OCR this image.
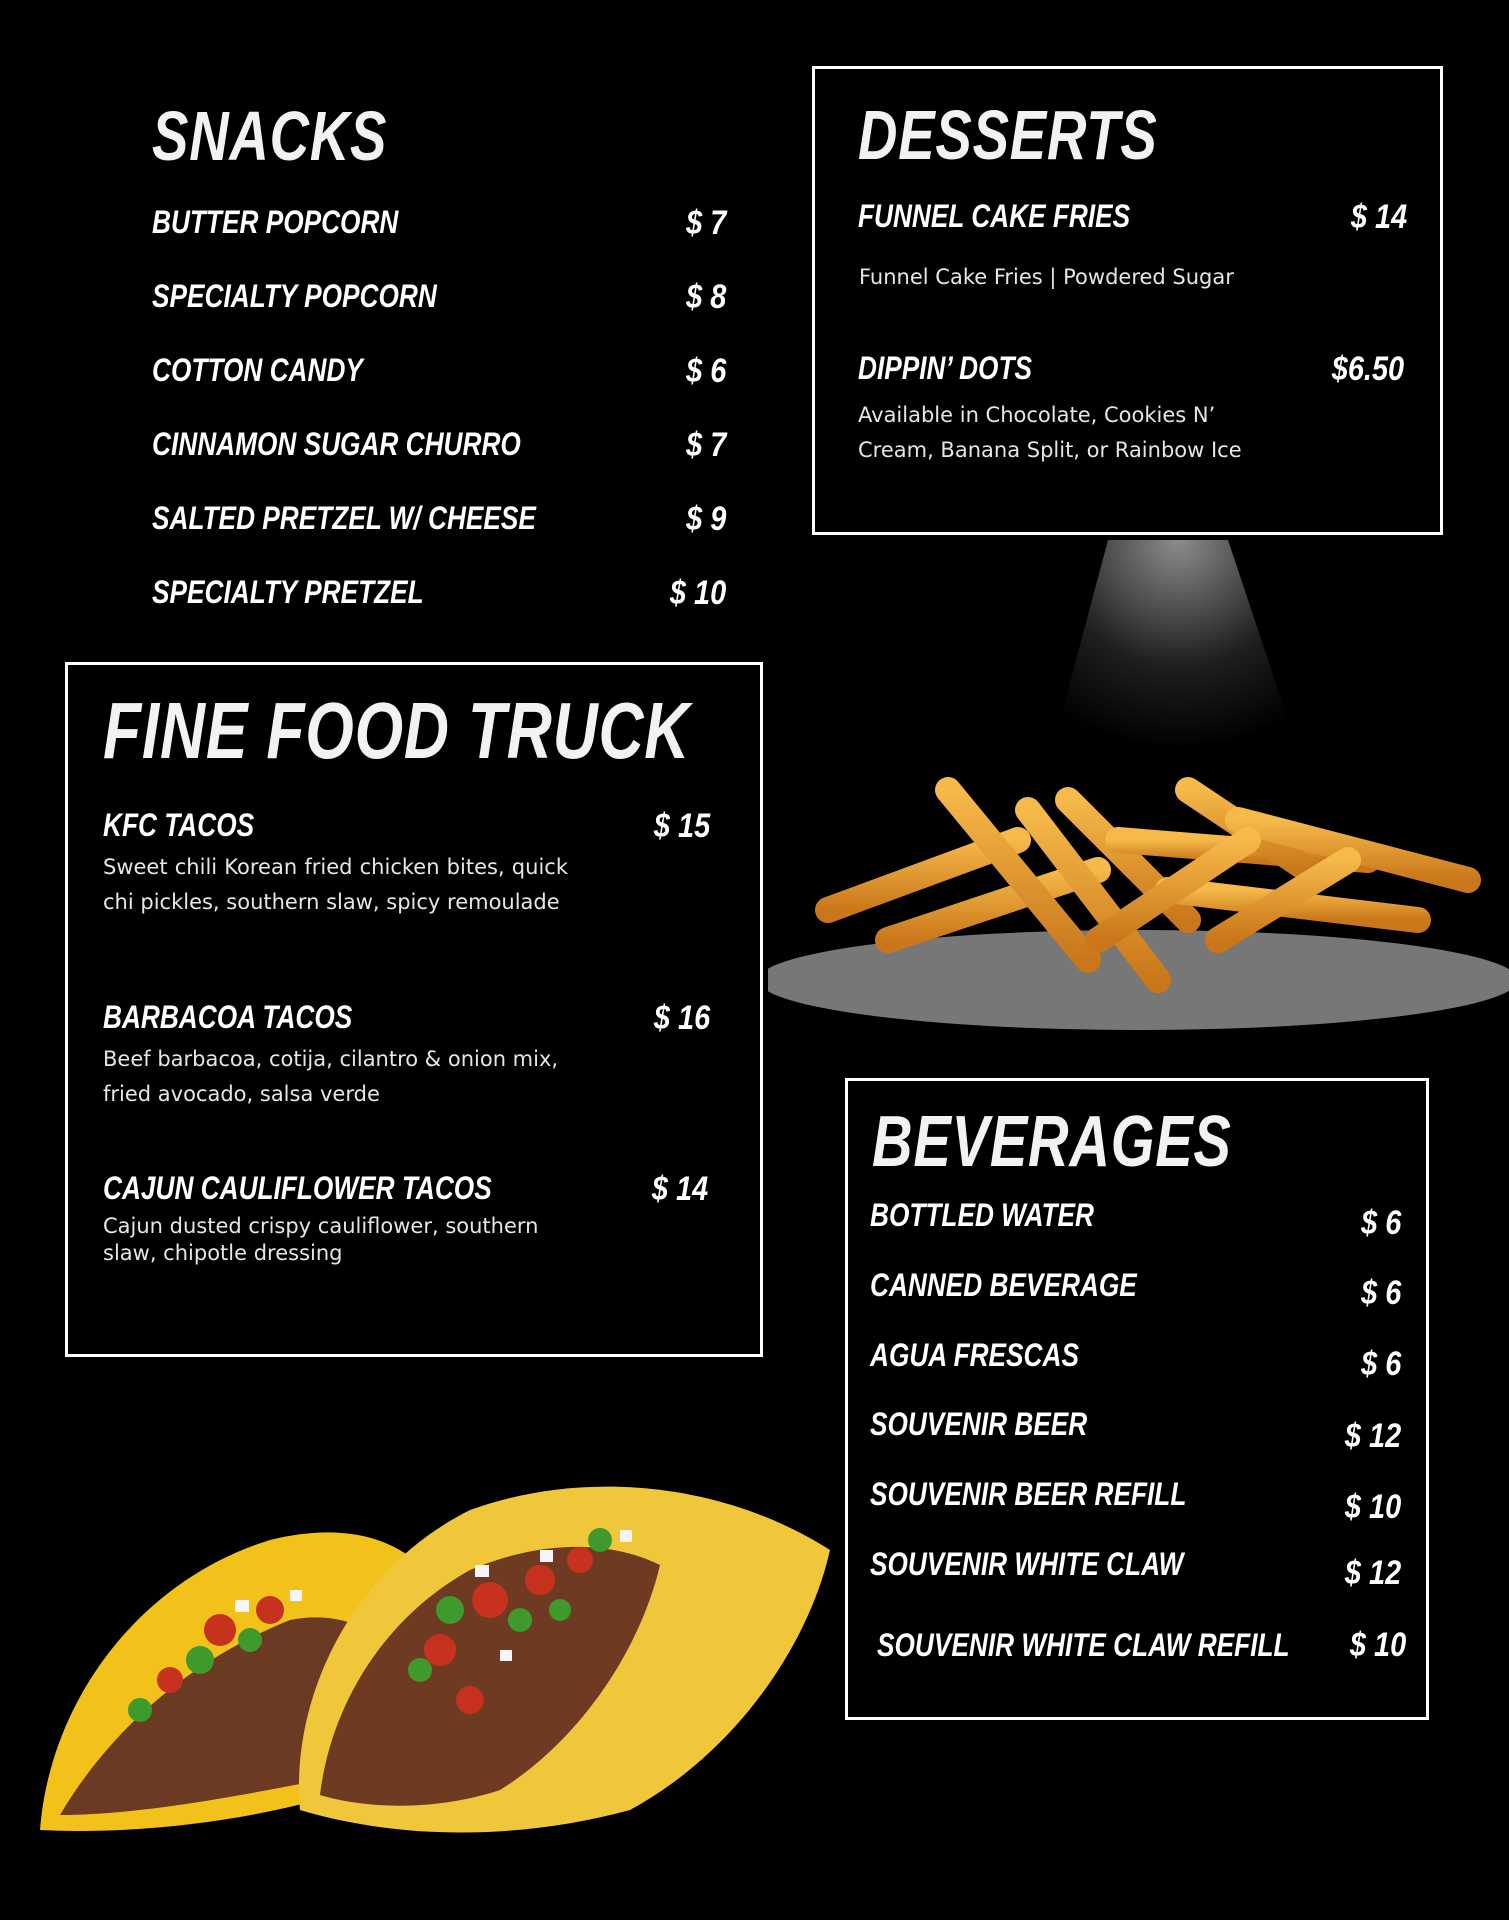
SNACKS
BUTTER POPCORN	$ 7
SPECIALTY POPCORN	$ 8
COTTON CANDY	$ 6
CINNAMON SUGAR CHURRO	$ 7
SALTED PRETZEL W/ CHEESE	$ 9
SPECIALTY PRETZEL	$ 10
DESSERTS
FUNNEL CAKE FRIES	$ 14
Funnel Cake Fries | Powdered Sugar
DIPPIN’ DOTS	$6.50
Available in Chocolate, Cookies N’ Cream, Banana Split, or Rainbow Ice
FINE FOOD TRUCK
KFC TACOS	$ 15
Sweet chili Korean fried chicken bites, quick chi pickles, southern slaw, spicy remoulade
BARBACOA TACOS	$ 16
Beef barbacoa, cotija, cilantro & onion mix, fried avocado, salsa verde
CAJUN CAULIFLOWER TACOS	$ 14
Cajun dusted crispy cauliflower, southern slaw, chipotle dressing
BEVERAGES
BOTTLED WATER	$ 6
CANNED BEVERAGE	$ 6
AGUA FRESCAS	$ 6
SOUVENIR BEER	$ 12
SOUVENIR BEER REFILL	$ 10
SOUVENIR WHITE CLAW	$ 12
SOUVENIR WHITE CLAW REFILL $ 10
